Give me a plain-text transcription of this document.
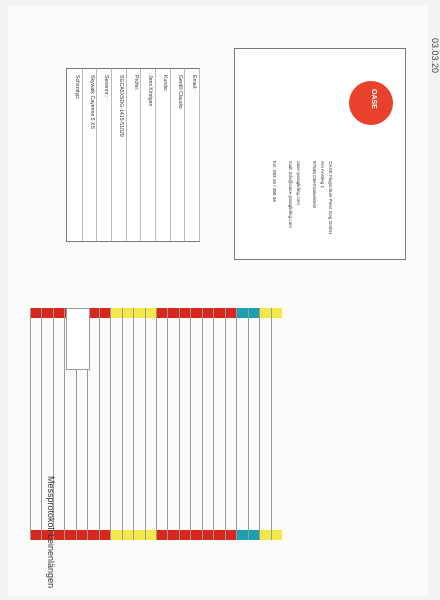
03.03.20
Schirmtyp: Skywalk Cayenne 5 XS Seriennr.: SGCA5XSDG-1415-51029 Prüfer: Jens Kirstgen Kunde: Gentili Claudio Email:
OASE
OASE Flugschule Peter Geg GmbH
Am Anstieg 1
87538 Obermaiselstein
oase-paragliding.com
mail: info@oase-paragliding.com
fon: 083 26 / 380 36
Messprotokoll Leinenlängen
